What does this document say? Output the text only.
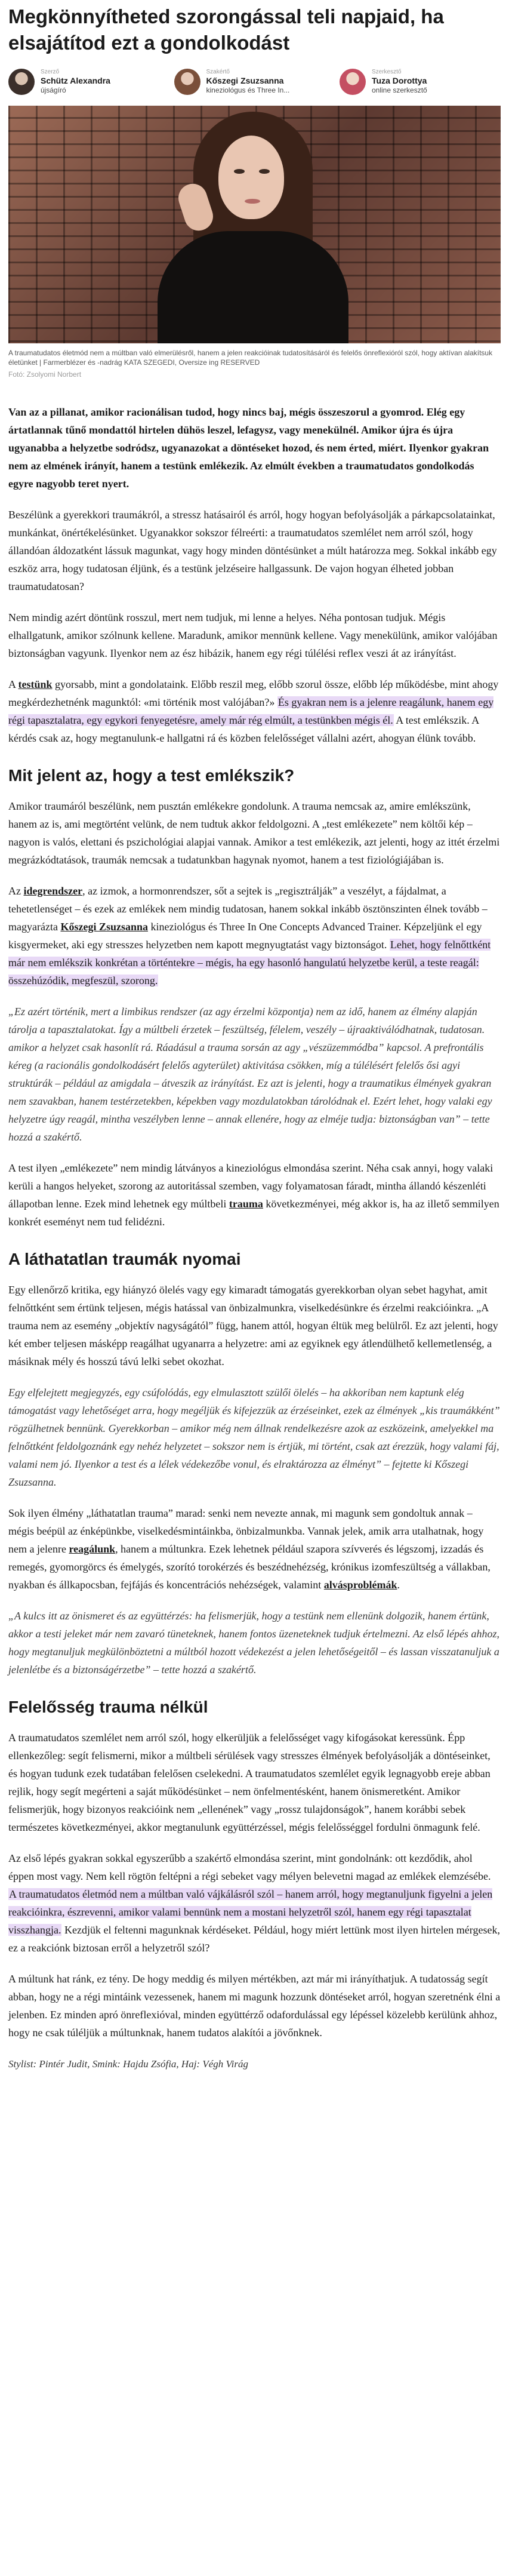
Megkönnyítheted szorongással teli napjaid, ha elsajátítod ezt a gondolkodást
Szerző
Schütz Alexandra
újságíró
Szakértő
Kőszegi Zsuzsanna
kineziológus és Three In...
Szerkesztő
Tuza Dorottya
online szerkesztő
A traumatudatos életmód nem a múltban való elmerülésről, hanem a jelen reakcióinak tudatosításáról és felelős önreflexióról szól, hogy aktívan alakítsuk életünket | Farmerblézer és -nadrág KATA SZEGEDI, Oversize ing RESERVED
Fotó: Zsolyomi Norbert

Van az a pillanat, amikor racionálisan tudod, hogy nincs baj, mégis összeszorul a gyomrod. Elég egy ártatlannak tűnő mondattól hirtelen dühös leszel, lefagysz, vagy menekülnél. Amikor újra és újra ugyanabba a helyzetbe sodródsz, ugyanazokat a döntéseket hozod, és nem érted, miért. Ilyenkor gyakran nem az elmének irányít, hanem a testünk emlékezik. Az elmúlt években a traumatudatos gondolkodás egyre nagyobb teret nyert.

Beszélünk a gyerekkori traumákról, a stressz hatásairól és arról, hogy hogyan befolyásolják a párkapcsolatainkat, munkánkat, önértékelésünket. Ugyanakkor sokszor félreérti: a traumatudatos szemlélet nem arról szól, hogy állandóan áldozatként lássuk magunkat, vagy hogy minden döntésünket a múlt határozza meg. Sokkal inkább egy eszköz arra, hogy tudatosan éljünk, és a testünk jelzéseire hallgassunk. De vajon hogyan élheted jobban traumatudatosan?

Nem mindig azért döntünk rosszul, mert nem tudjuk, mi lenne a helyes. Néha pontosan tudjuk. Mégis elhallgatunk, amikor szólnunk kellene. Maradunk, amikor mennünk kellene. Vagy menekülünk, amikor valójában biztonságban vagyunk. Ilyenkor nem az ész hibázik, hanem egy régi túlélési reflex veszi át az irányítást.

A testünk gyorsabb, mint a gondolataink. Előbb reszil meg, előbb szorul össze, előbb lép működésbe, mint ahogy megkérdezhetnénk magunktól: «mi történik most valójában?» És gyakran nem is a jelenre reagálunk, hanem egy régi tapasztalatra, egy egykori fenyegetésre, amely már rég elmúlt, a testünkben mégis él. A test emlékszik. A kérdés csak az, hogy megtanulunk-e hallgatni rá és közben felelősséget vállalni azért, ahogyan élünk tovább.

Mit jelent az, hogy a test emlékszik?

Amikor traumáról beszélünk, nem pusztán emlékekre gondolunk. A trauma nemcsak az, amire emlékszünk, hanem az is, ami megtörtént velünk, de nem tudtuk akkor feldolgozni. A „test emlékezete” nem költői kép – nagyon is valós, elettani és pszichológiai alapjai vannak. Amikor a test emlékezik, azt jelenti, hogy az ittét érzelmi megrázkódtatások, traumák nemcsak a tudatunkban hagynak nyomot, hanem a test fiziológiájában is.

Az idegrendszer, az izmok, a hormonrendszer, sőt a sejtek is „regisztrálják” a veszélyt, a fájdalmat, a tehetetlenséget – és ezek az emlékek nem mindig tudatosan, hanem sokkal inkább ösztönszinten élnek tovább – magyarázta Kőszegi Zsuzsanna kineziológus és Three In One Concepts Advanced Trainer. Képzeljünk el egy kisgyermeket, aki egy stresszes helyzetben nem kapott megnyugtatást vagy biztonságot. Lehet, hogy felnőttként már nem emlékszik konkrétan a történtekre – mégis, ha egy hasonló hangulatú helyzetbe kerül, a teste reagál: összehúzódik, megfeszül, szorong.

„Ez azért történik, mert a limbikus rendszer (az agy érzelmi központja) nem az idő, hanem az élmény alapján tárolja a tapasztalatokat. Így a múltbeli érzetek – feszültség, félelem, veszély – újraaktiválódhatnak, tudatosan. amikor a helyzet csak hasonlít rá. Ráadásul a trauma sorsán az agy „vészüzemmódba” kapcsol. A prefrontális kéreg (a racionális gondolkodásért felelős agyterület) aktivitása csökken, míg a túlélésért felelős ősi agyi struktúrák – például az amigdala – átveszik az irányítást. Ez azt is jelenti, hogy a traumatikus élmények gyakran nem szavakban, hanem testérzetekben, képekben vagy mozdulatokban tárolódnak el. Ezért lehet, hogy valaki egy helyzetre úgy reagál, mintha veszélyben lenne – annak ellenére, hogy az elméje tudja: biztonságban van” – tette hozzá a szakértő.

A test ilyen „emlékezete” nem mindig látványos a kineziológus elmondása szerint. Néha csak annyi, hogy valaki kerüli a hangos helyeket, szorong az autoritással szemben, vagy folyamatosan fáradt, mintha állandó készenléti állapotban lenne. Ezek mind lehetnek egy múltbeli trauma következményei, még akkor is, ha az illető semmilyen konkrét eseményt nem tud felidézni.

A láthatatlan traumák nyomai

Egy ellenőrző kritika, egy hiányzó ölelés vagy egy kimaradt támogatás gyerekkorban olyan sebet hagyhat, amit felnőttként sem értünk teljesen, mégis hatással van önbizalmunkra, viselkedésünkre és érzelmi reakcióinkra. „A trauma nem az esemény „objektív nagyságától” függ, hanem attól, hogyan éltük meg belülről. Ez azt jelenti, hogy két ember teljesen másképp reagálhat ugyanarra a helyzetre: ami az egyiknek egy átlendülhető kellemetlenség, a másiknak mély és hosszú távú lelki sebet okozhat.

Egy elfelejtett megjegyzés, egy csúfolódás, egy elmulasztott szülői ölelés – ha akkoriban nem kaptunk elég támogatást vagy lehetőséget arra, hogy megéljük és kifejezzük az érzéseinket, ezek az élmények „kis traumákként” rögzülhetnek bennünk. Gyerekkorban – amikor még nem állnak rendelkezésre azok az eszközeink, amelyekkel ma felnőttként feldolgoznánk egy nehéz helyzetet – sokszor nem is értjük, mi történt, csak azt érezzük, hogy valami fáj, valami nem jó. Ilyenkor a test és a lélek védekezőbe vonul, és elraktározza az élményt” – fejtette ki Kőszegi Zsuzsanna.

Sok ilyen élmény „láthatatlan trauma” marad: senki nem nevezte annak, mi magunk sem gondoltuk annak – mégis beépül az énképünkbe, viselkedésmintáinkba, önbizalmunkba. Vannak jelek, amik arra utalhatnak, hogy nem a jelenre reagálunk, hanem a múltunkra. Ezek lehetnek például szapora szívverés és légszomj, izzadás és remegés, gyomorgörcs és émelygés, szorító torokérzés és beszédnehézség, krónikus izomfeszültség a vállakban, nyakban és állkapocsban, fejfájás és koncentrációs nehézségek, valamint alvásproblémák.

„A kulcs itt az önismeret és az együttérzés: ha felismerjük, hogy a testünk nem ellenünk dolgozik, hanem értünk, akkor a testi jeleket már nem zavaró tüneteknek, hanem fontos üzeneteknek tudjuk értelmezni. Az első lépés ahhoz, hogy megtanuljuk megkülönböztetni a múltból hozott védekezést a jelen lehetőségeitől – és lassan visszatanuljuk a jelenlétbe és a biztonságérzetbe” – tette hozzá a szakértő.

Felelősség trauma nélkül

A traumatudatos szemlélet nem arról szól, hogy elkerüljük a felelősséget vagy kifogásokat keressünk. Épp ellenkezőleg: segít felismerni, mikor a múltbeli sérülések vagy stresszes élmények befolyásolják a döntéseinket, és hogyan tudunk ezek tudatában felelősen cselekedni. A traumatudatos szemlélet egyik legnagyobb ereje abban rejlik, hogy segít megérteni a saját működésünket – nem önfelmentésként, hanem önismeretként. Amikor felismerjük, hogy bizonyos reakcióink nem „ellenének” vagy „rossz tulajdonságok”, hanem korábbi sebek természetes következményei, akkor megtanulunk együttérzéssel, mégis felelősséggel fordulni önmagunk felé.

Az első lépés gyakran sokkal egyszerűbb a szakértő elmondása szerint, mint gondolnánk: ott kezdődik, ahol éppen most vagy. Nem kell rögtön feltépni a régi sebeket vagy mélyen belevetni magad az emlékek elemzésébe. A traumatudatos életmód nem a múltban való vájkálásról szól – hanem arról, hogy megtanuljunk figyelni a jelen reakcióinkra, észrevenni, amikor valami bennünk nem a mostani helyzetről szól, hanem egy régi tapasztalat visszhangja. Kezdjük el feltenni magunknak kérdéseket. Például, hogy miért lettünk most ilyen hirtelen mérgesek, ez a reakciónk biztosan erről a helyzetről szól?

A múltunk hat ránk, ez tény. De hogy meddig és milyen mértékben, azt már mi irányíthatjuk. A tudatosság segít abban, hogy ne a régi mintáink vezessenek, hanem mi magunk hozzunk döntéseket arról, hogyan szeretnénk élni a jelenben. Ez minden apró önreflexióval, minden együttérző odafordulással egy lépéssel közelebb kerülünk ahhoz, hogy ne csak túléljük a múltunknak, hanem tudatos alakítói a jövőnknek.

Stylist: Pintér Judit, Smink: Hajdu Zsófia, Haj: Végh Virág
